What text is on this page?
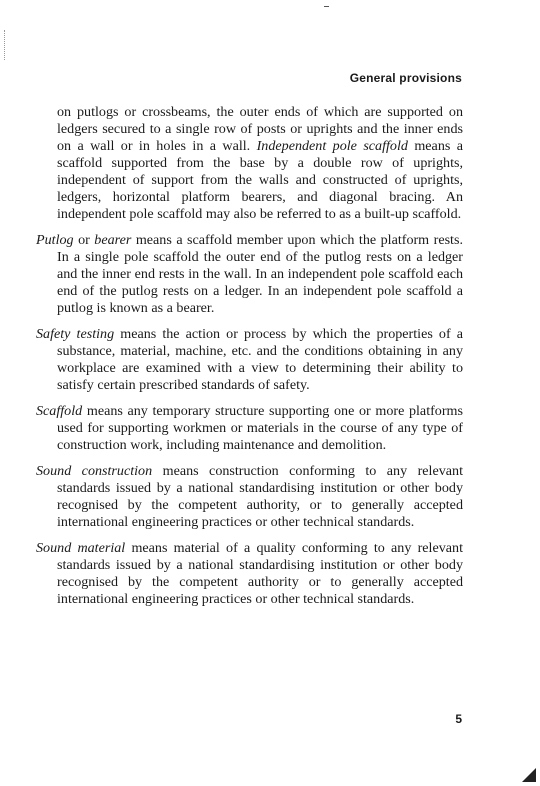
General provisions

on putlogs or crossbeams, the outer ends of which are supported on ledgers secured to a single row of posts or uprights and the inner ends on a wall or in holes in a wall. Independent pole scaffold means a scaffold supported from the base by a double row of uprights, independent of support from the walls and constructed of uprights, ledgers, horizontal platform bearers, and diagonal bracing. An independent pole scaffold may also be referred to as a built-up scaffold.

Putlog or bearer means a scaffold member upon which the platform rests. In a single pole scaffold the outer end of the putlog rests on a ledger and the inner end rests in the wall. In an independent pole scaffold each end of the putlog rests on a ledger. In an independent pole scaffold a putlog is known as a bearer.

Safety testing means the action or process by which the properties of a substance, material, machine, etc. and the conditions obtaining in any workplace are examined with a view to determining their ability to satisfy certain prescribed standards of safety.

Scaffold means any temporary structure supporting one or more platforms used for supporting workmen or materials in the course of any type of construction work, including maintenance and demolition.

Sound construction means construction conforming to any relevant standards issued by a national standardising institution or other body recognised by the competent authority, or to generally accepted international engineering practices or other technical standards.

Sound material means material of a quality conforming to any relevant standards issued by a national standardising institution or other body recognised by the competent authority or to generally accepted international engineering practices or other technical standards.

5
